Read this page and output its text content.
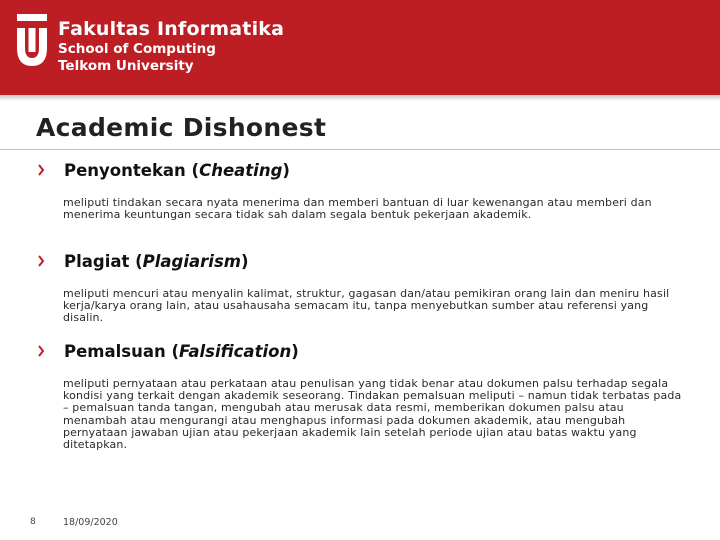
Fakultas Informatika
School of Computing
Telkom University
Academic Dishonest
Penyontekan (Cheating)
meliputi tindakan secara nyata menerima dan memberi bantuan di luar kewenangan atau memberi dan menerima keuntungan secara tidak sah dalam segala bentuk pekerjaan akademik.
Plagiat (Plagiarism)
meliputi mencuri atau menyalin kalimat, struktur, gagasan dan/atau pemikiran orang lain dan meniru hasil kerja/karya orang lain, atau usahausaha semacam itu, tanpa menyebutkan sumber atau referensi yang disalin.
Pemalsuan (Falsification)
meliputi pernyataan atau perkataan atau penulisan yang tidak benar atau dokumen palsu terhadap segala kondisi yang terkait dengan akademik seseorang. Tindakan pemalsuan meliputi – namun tidak terbatas pada – pemalsuan tanda tangan, mengubah atau merusak data resmi, memberikan dokumen palsu atau menambah atau mengurangi atau menghapus informasi pada dokumen akademik, atau mengubah pernyataan jawaban ujian atau pekerjaan akademik lain setelah periode ujian atau batas waktu yang ditetapkan.
8	18/09/2020
